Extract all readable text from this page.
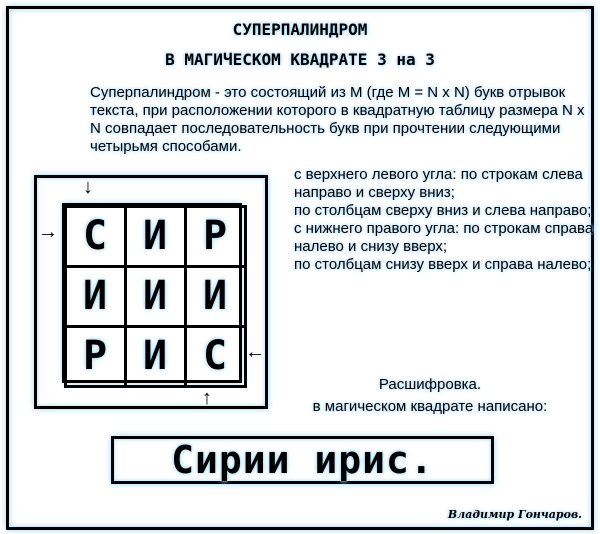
СУПЕРПАЛИНДРОМ
В МАГИЧЕСКОМ КВАДРАТЕ 3 на 3
Суперпалиндром - это состоящий из М (где М = N x N) букв отрывок текста, при расположении которого в квадратную таблицу размера N x N совпадает последовательность букв при прочтении следующими четырьмя способами.
с верхнего левого угла: по строкам слева направо и сверху вниз;
по столбцам сверху вниз и слева направо;
с нижнего правого угла: по строкам справа налево и снизу вверх;
по столбцам снизу вверх и справа налево;
С И Р
И И И
Р И С
↓
→
←
↑
Расшифровка.
в магическом квадрате написано:
Сирии ирис.
Владимир Гончаров.
